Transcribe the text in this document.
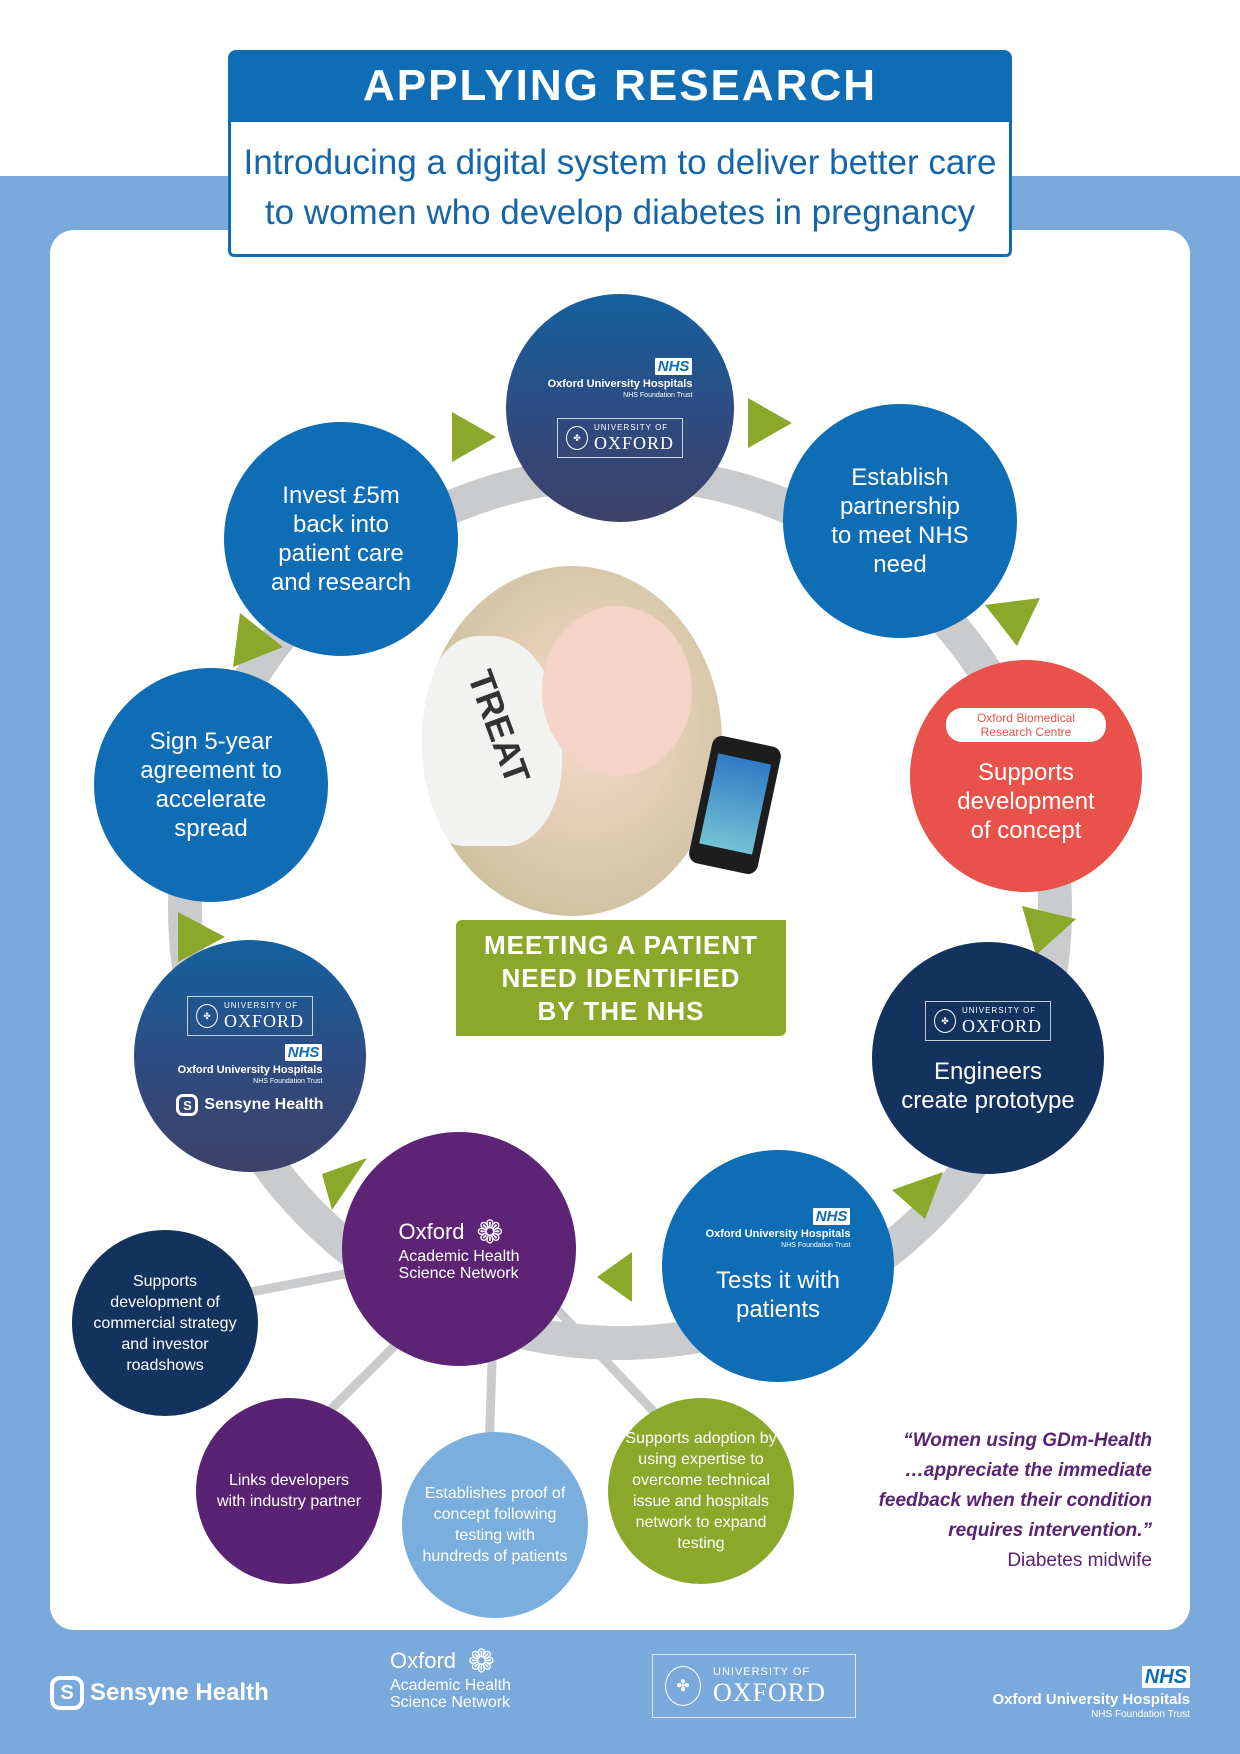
APPLYING RESEARCH
Introducing a digital system to deliver better care
to women who develop diabetes in pregnancy
NHS
Oxford University Hospitals
NHS Foundation Trust
✤
UNIVERSITY OF
OXFORD
Establish partnership to meet NHS need
Oxford Biomedical Research Centre
Supports development of concept
✤
UNIVERSITY OF
OXFORD
Engineers create prototype
NHS
Oxford University Hospitals
NHS Foundation Trust
Tests it with patients
Oxford ❁
Academic Health
Science Network
✤
UNIVERSITY OF
OXFORD
NHS
Oxford University Hospitals
NHS Foundation Trust
S Sensyne Health
Sign 5-year agreement to accelerate spread
Invest £5m back into patient care and research
TREAT
MEETING A PATIENT
NEED IDENTIFIED
BY THE NHS
Supports development of commercial strategy and investor roadshows
Links developers with industry partner	Establishes proof of concept following testing with hundreds of patients
Supports adoption by using expertise to overcome technical issue and hospitals network to expand testing
“Women using GDm-Health
…appreciate the immediate
feedback when their condition
requires intervention.”
Diabetes midwife
S Sensyne Health
Oxford ❁
Academic Health
Science Network
✤
UNIVERSITY OF
OXFORD
NHS
Oxford University Hospitals
NHS Foundation Trust
